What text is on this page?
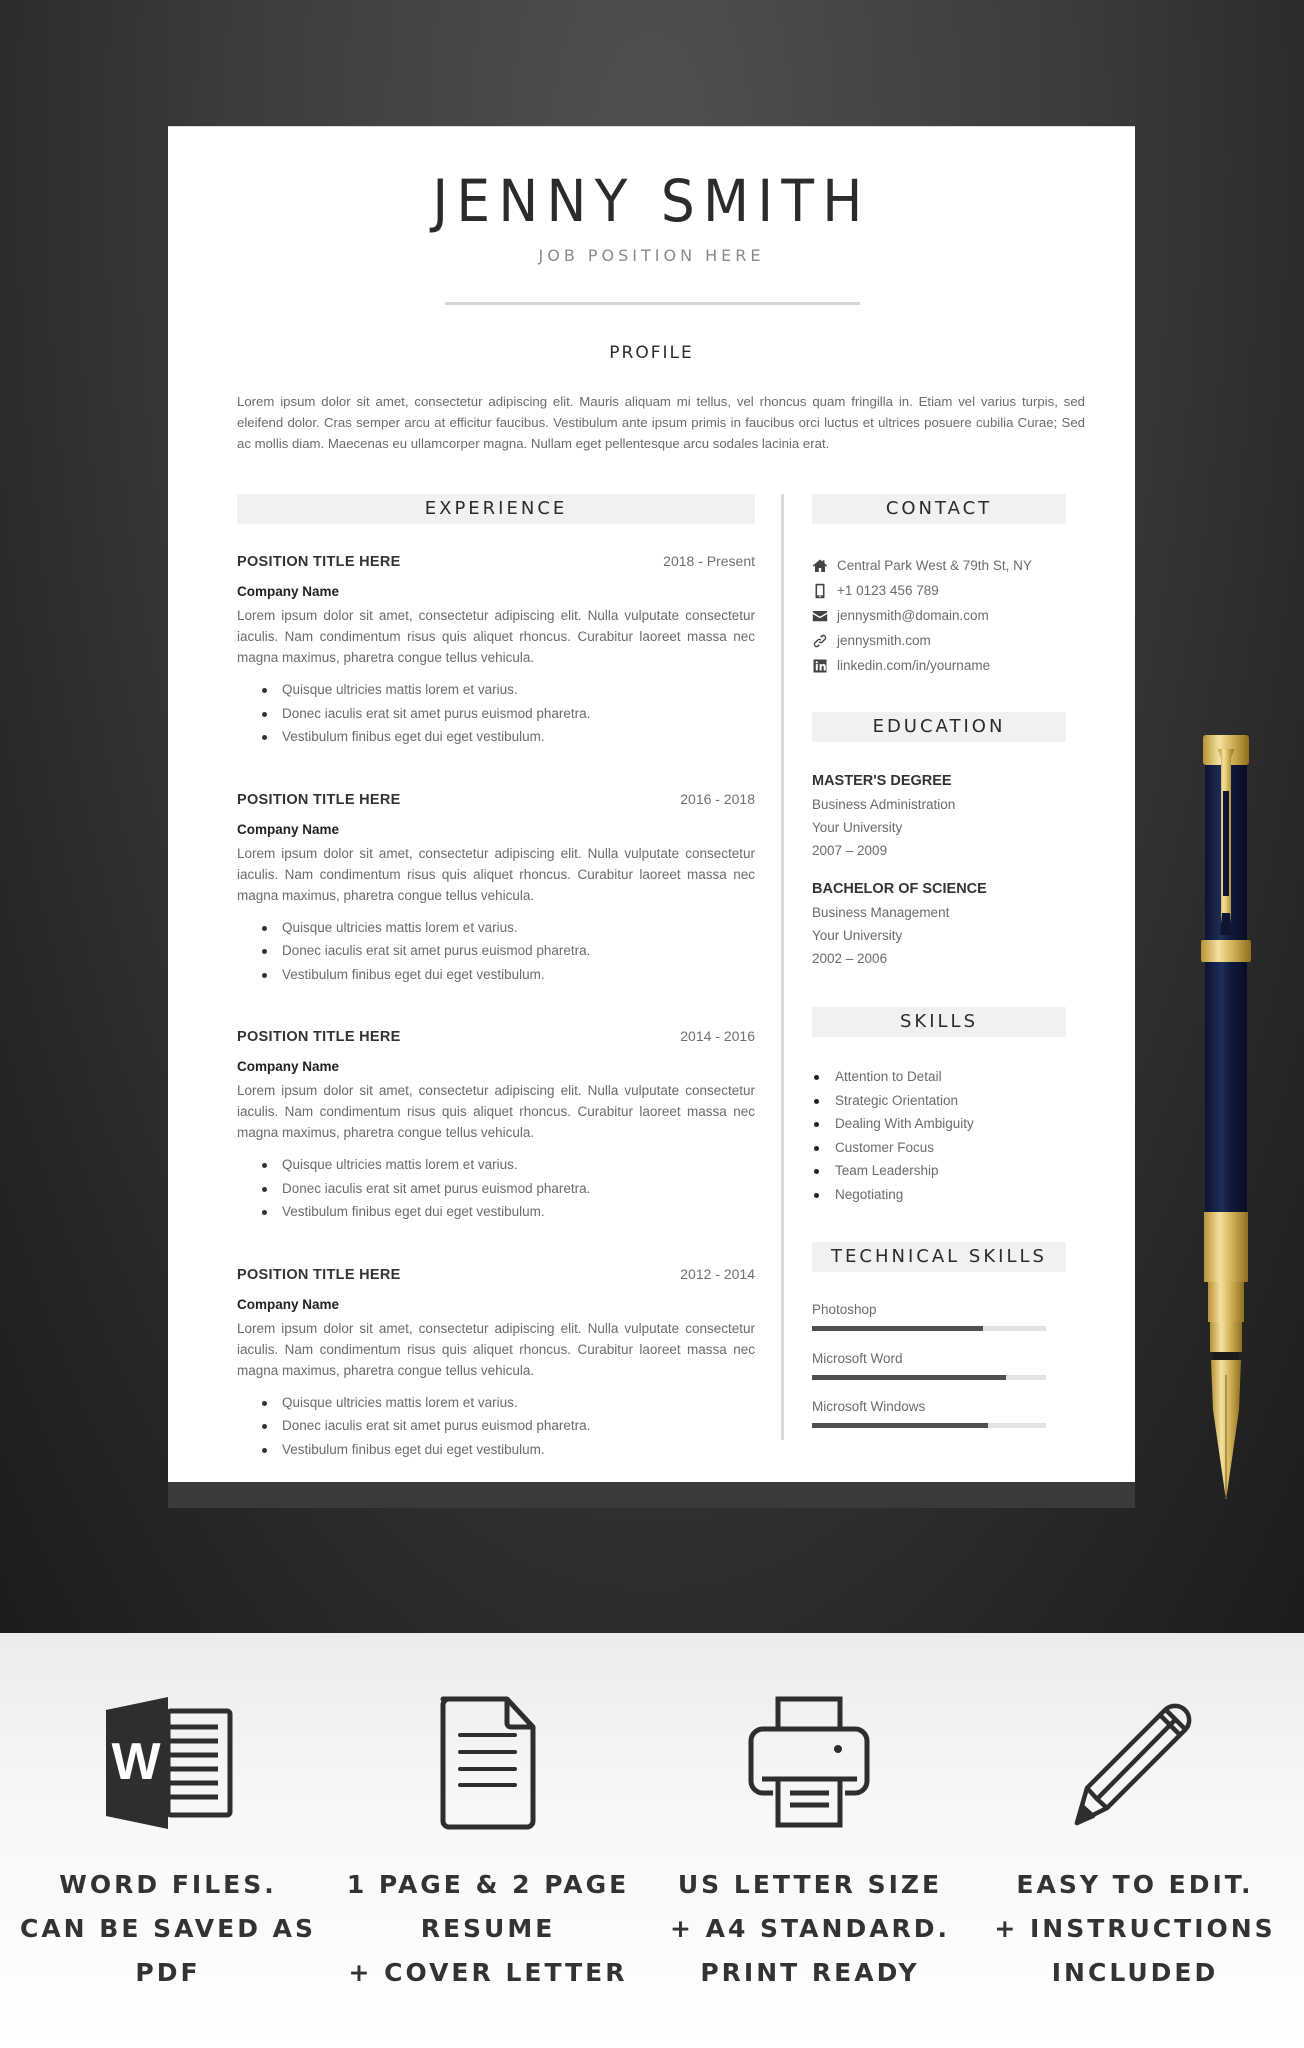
JENNY SMITH
JOB POSITION HERE
PROFILE
Lorem ipsum dolor sit amet, consectetur adipiscing elit. Mauris aliquam mi tellus, vel rhoncus quam fringilla in. Etiam vel varius turpis, sed eleifend dolor. Cras semper arcu at efficitur faucibus. Vestibulum ante ipsum primis in faucibus orci luctus et ultrices posuere cubilia Curae; Sed ac mollis diam. Maecenas eu ullamcorper magna. Nullam eget pellentesque arcu sodales lacinia erat.
EXPERIENCE
POSITION TITLE HERE	2018 - Present
Company Name
Lorem ipsum dolor sit amet, consectetur adipiscing elit. Nulla vulputate consectetur iaculis. Nam condimentum risus quis aliquet rhoncus. Curabitur laoreet massa nec magna maximus, pharetra congue tellus vehicula.
Quisque ultricies mattis lorem et varius.
Donec iaculis erat sit amet purus euismod pharetra.
Vestibulum finibus eget dui eget vestibulum.
POSITION TITLE HERE	2016 - 2018
Company Name
Lorem ipsum dolor sit amet, consectetur adipiscing elit. Nulla vulputate consectetur iaculis. Nam condimentum risus quis aliquet rhoncus. Curabitur laoreet massa nec magna maximus, pharetra congue tellus vehicula.
Quisque ultricies mattis lorem et varius.
Donec iaculis erat sit amet purus euismod pharetra.
Vestibulum finibus eget dui eget vestibulum.
POSITION TITLE HERE	2014 - 2016
Company Name
Lorem ipsum dolor sit amet, consectetur adipiscing elit. Nulla vulputate consectetur iaculis. Nam condimentum risus quis aliquet rhoncus. Curabitur laoreet massa nec magna maximus, pharetra congue tellus vehicula.
Quisque ultricies mattis lorem et varius.
Donec iaculis erat sit amet purus euismod pharetra.
Vestibulum finibus eget dui eget vestibulum.
POSITION TITLE HERE	2012 - 2014
Company Name
Lorem ipsum dolor sit amet, consectetur adipiscing elit. Nulla vulputate consectetur iaculis. Nam condimentum risus quis aliquet rhoncus. Curabitur laoreet massa nec magna maximus, pharetra congue tellus vehicula.
Quisque ultricies mattis lorem et varius.
Donec iaculis erat sit amet purus euismod pharetra.
Vestibulum finibus eget dui eget vestibulum.
CONTACT
Central Park West & 79th St, NY
+1 0123 456 789
jennysmith@domain.com
jennysmith.com
linkedin.com/in/yourname
EDUCATION
MASTER'S DEGREE
Business Administration
Your University
2007 – 2009
BACHELOR OF SCIENCE
Business Management
Your University
2002 – 2006
SKILLS
Attention to Detail
Strategic Orientation
Dealing With Ambiguity
Customer Focus
Team Leadership
Negotiating
TECHNICAL SKILLS
Photoshop
Microsoft Word
Microsoft Windows
W
WORD FILES.
CAN BE SAVED AS
PDF
1 PAGE & 2 PAGE
RESUME
+ COVER LETTER
US LETTER SIZE
+ A4 STANDARD.
PRINT READY
EASY TO EDIT.
+ INSTRUCTIONS
INCLUDED
